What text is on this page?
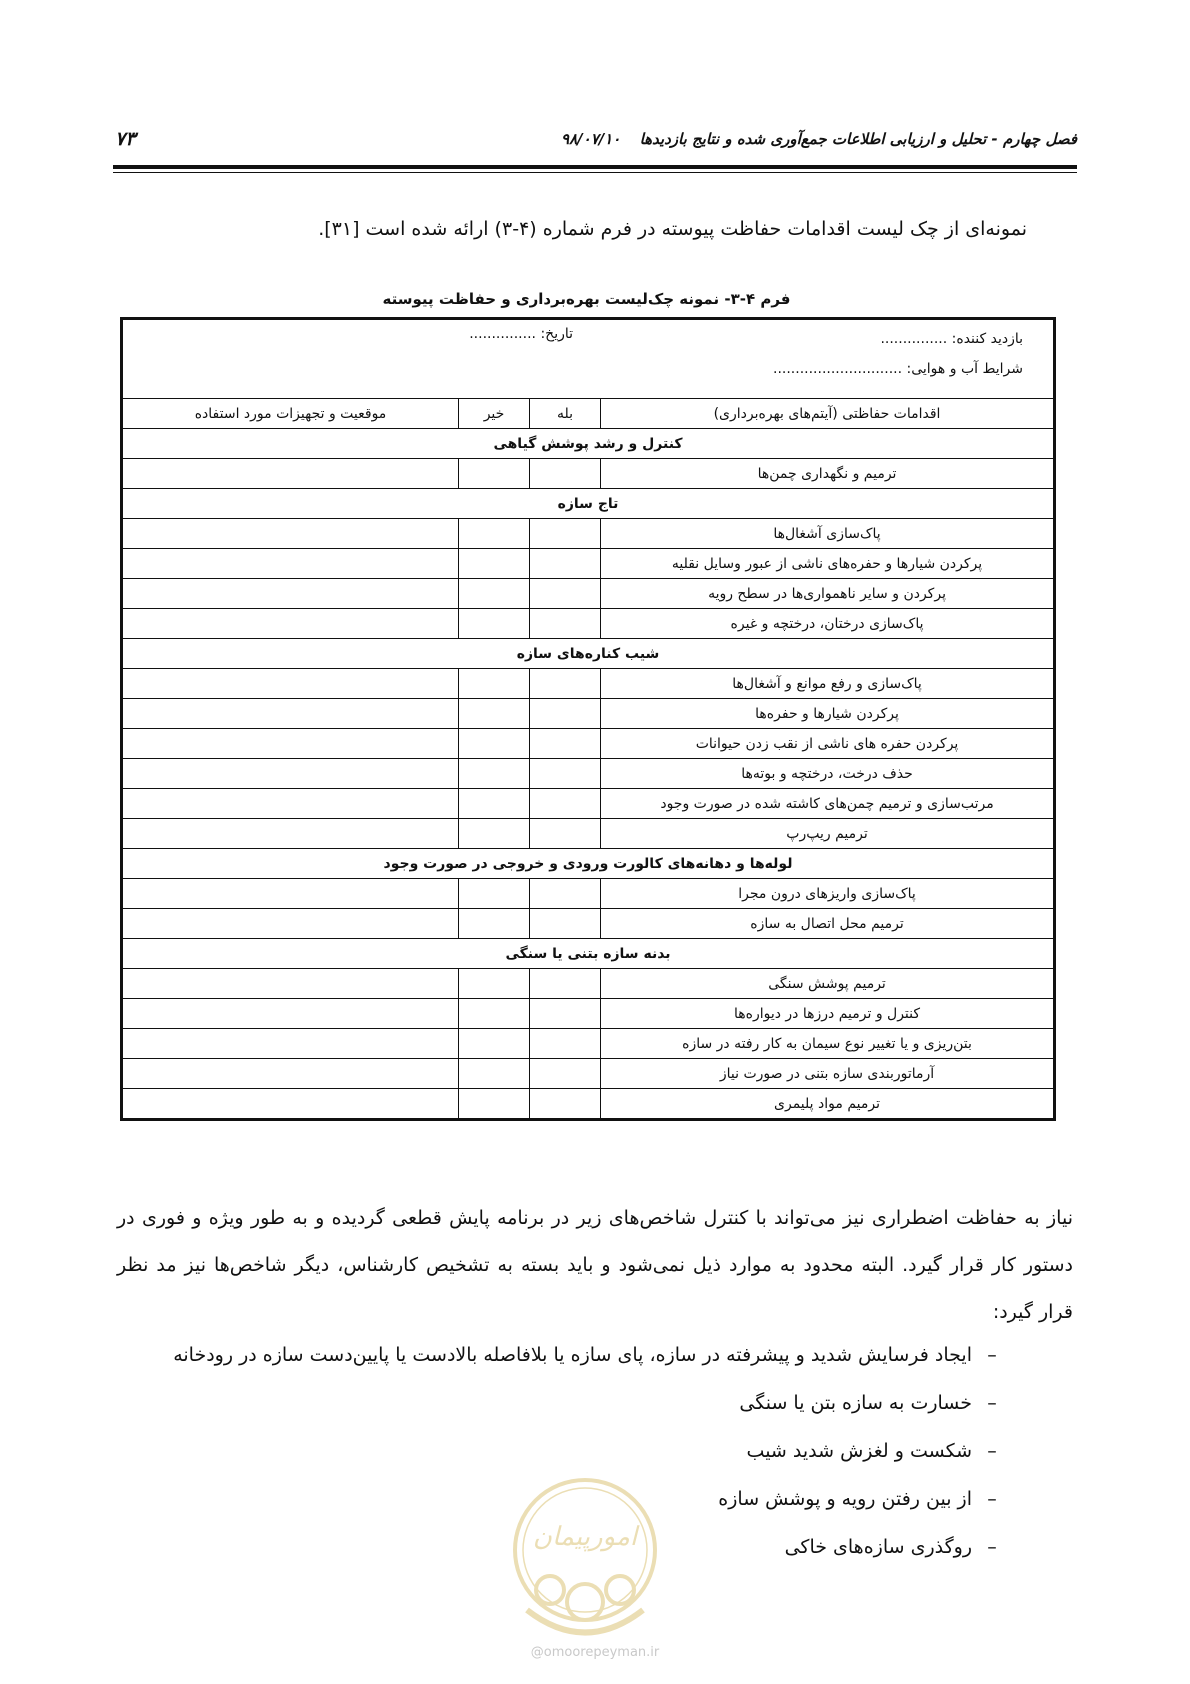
فصل چهارم - تحلیل و ارزیابی اطلاعات جمع‌آوری شده و نتایج بازدیدها ۹۸/۰۷/۱۰
۷۳
نمونه‌ای از چک لیست اقدامات حفاظت پیوسته در فرم شماره (۴-۳) ارائه شده است [۳۱].
فرم ۴-۳- نمونه چک‌لیست بهره‌برداری و حفاظت پیوسته
بازدید کننده: ...............
شرایط آب و هوایی: .............................
تاریخ: ...............			

اقدامات حفاظتی (آیتم‌های بهره‌برداری)	بله	خیر	موقعیت و تجهیزات مورد استفاده
کنترل و رشد پوشش گیاهی			
ترمیم و نگهداری چمن‌ها			
تاج سازه			
پاک‌سازی آشغال‌ها			
پرکردن شیارها و حفره‌های ناشی از عبور وسایل نقلیه			
پرکردن و سایر ناهمواری‌ها در سطح رویه			
پاک‌سازی درختان، درختچه و غیره			
شیب کناره‌های سازه			
پاک‌سازی و رفع موانع و آشغال‌ها			
پرکردن شیارها و حفره‌ها			
پرکردن حفره های ناشی از نقب زدن حیوانات			
حذف درخت، درختچه و بوته‌ها			
مرتب‌سازی و ترمیم چمن‌های کاشته شده در صورت وجود			
ترمیم ریپ‌رپ			
لوله‌ها و دهانه‌های کالورت ورودی و خروجی در صورت وجود			
پاک‌سازی واریزهای درون مجرا			
ترمیم محل اتصال به سازه			
بدنه سازه بتنی یا سنگی			
ترمیم پوشش سنگی			
کنترل و ترمیم درزها در دیواره‌ها			
بتن‌ریزی و یا تغییر نوع سیمان به کار رفته در سازه			
آرماتوربندی سازه بتنی در صورت نیاز			
ترمیم مواد پلیمری			
نیاز به حفاظت اضطراری نیز می‌تواند با کنترل شاخص‌های زیر در برنامه پایش قطعی گردیده و به طور ویژه و فوری در دستور کار قرار گیرد. البته محدود به موارد ذیل نمی‌شود و باید بسته به تشخیص کارشناس، دیگر شاخص‌ها نیز مد نظر قرار گیرد:
–ایجاد فرسایش شدید و پیشرفته در سازه، پای سازه یا بلافاصله بالادست یا پایین‌دست سازه در رودخانه
–خسارت به سازه بتن یا سنگی
–شکست و لغزش شدید شیب
–از بین رفتن رویه و پوشش سازه
–روگذری سازه‌های خاکی
امورپیمان
@omoorepeyman.ir
